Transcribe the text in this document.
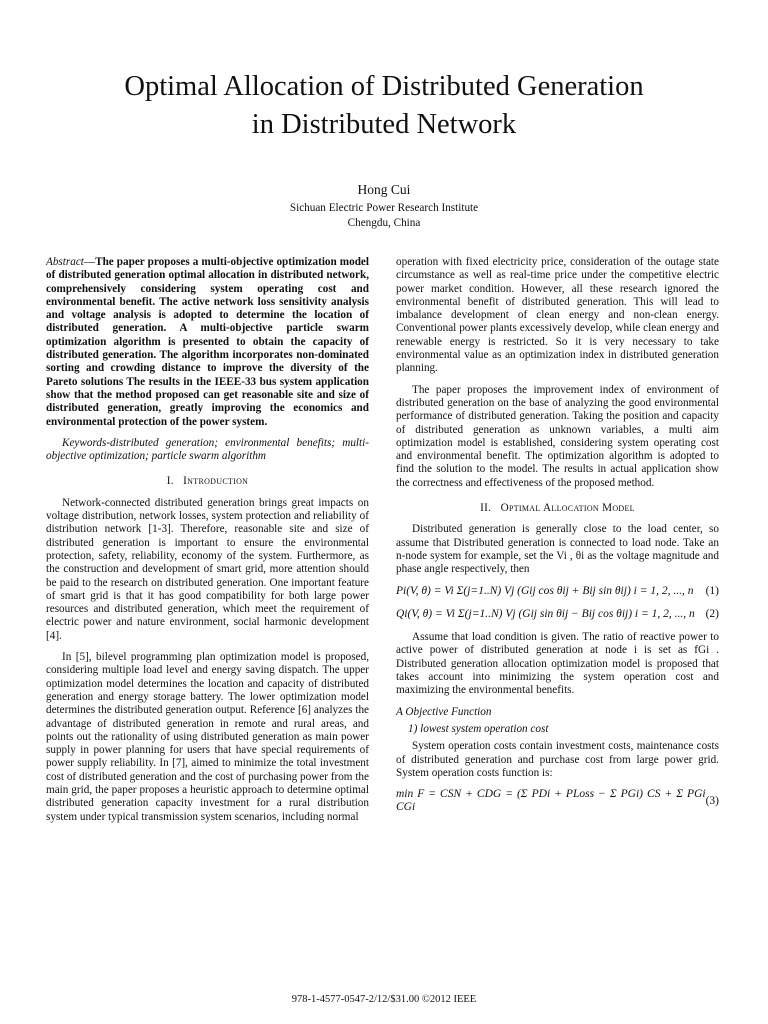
Optimal Allocation of Distributed Generation
in Distributed Network
Hong Cui
Sichuan Electric Power Research Institute
Chengdu, China

Abstract—The paper proposes a multi-objective optimization model of distributed generation optimal allocation in distributed network, comprehensively considering system operating cost and environmental benefit. The active network loss sensitivity analysis and voltage analysis is adopted to determine the location of distributed generation. A multi-objective particle swarm optimization algorithm is presented to obtain the capacity of distributed generation. The algorithm incorporates non-dominated sorting and crowding distance to improve the diversity of the Pareto solutions The results in the IEEE-33 bus system application show that the method proposed can get reasonable site and size of distributed generation, greatly improving the economics and environmental protection of the power system.

Keywords-distributed generation; environmental benefits; multi-objective optimization; particle swarm algorithm

I. Introduction

Network-connected distributed generation brings great impacts on voltage distribution, network losses, system protection and reliability of distribution network [1-3]. Therefore, reasonable site and size of distributed generation is important to ensure the environmental protection, safety, reliability, economy of the system. Furthermore, as the construction and development of smart grid, more attention should be paid to the research on distributed generation. One important feature of smart grid is that it has good compatibility for both large power resources and distributed generation, which meet the requirement of electric power and nature environment, social harmonic development [4].

In [5], bilevel programming plan optimization model is proposed, considering multiple load level and energy saving dispatch. The upper optimization model determines the location and capacity of distributed generation and energy storage battery. The lower optimization model determines the distributed generation output. Reference [6] analyzes the advantage of distributed generation in remote and rural areas, and points out the rationality of using distributed generation as main power supply in power planning for users that have special requirements of power supply reliability. In [7], aimed to minimize the total investment cost of distributed generation and the cost of purchasing power from the main grid, the paper proposes a heuristic approach to determine optimal distributed generation capacity investment for a rural distribution system under typical transmission system scenarios, including normal

operation with fixed electricity price, consideration of the outage state circumstance as well as real-time price under the competitive electric power market condition. However, all these research ignored the environmental benefit of distributed generation. This will lead to imbalance development of clean energy and non-clean energy. Conventional power plants excessively develop, while clean energy and renewable energy is restricted. So it is very necessary to take environmental value as an optimization index in distributed generation planning.

The paper proposes the improvement index of environment of distributed generation on the base of analyzing the good environmental performance of distributed generation. Taking the position and capacity of distributed generation as unknown variables, a multi aim optimization model is established, considering system operating cost and environmental benefit. The optimization algorithm is adopted to find the solution to the model. The results in actual application show the correctness and effectiveness of the proposed method.

II. Optimal Allocation Model

Distributed generation is generally close to the load center, so assume that Distributed generation is connected to load node. Take an n-node system for example, set the Vi , θi as the voltage magnitude and phase angle respectively, then

Pi(V, θ) = Vi Σ(j=1..N) Vj (Gij cos θij + Bij sin θij) i = 1, 2, ..., n (1)
Qi(V, θ) = Vi Σ(j=1..N) Vj (Gij sin θij − Bij cos θij) i = 1, 2, ..., n (2)

Assume that load condition is given. The ratio of reactive power to active power of distributed generation at node i is set as fGi . Distributed generation allocation optimization model is proposed that takes account into minimizing the system operation cost and maximizing the environmental benefits.

A Objective Function
1) lowest system operation cost

System operation costs contain investment costs, maintenance costs of distributed generation and purchase cost from large power grid. System operation costs function is:

min F = CSN + CDG = (Σ PDi + PLoss − Σ PGi) CS + Σ PGi CGi
(3)
978-1-4577-0547-2/12/$31.00 ©2012 IEEE
